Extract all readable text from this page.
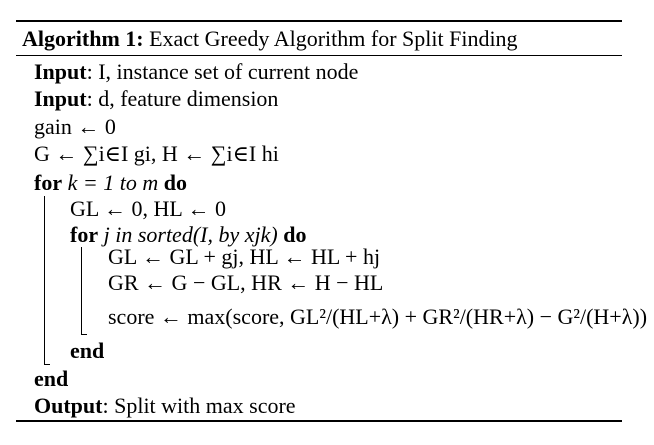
Algorithm 1: Exact Greedy Algorithm for Split Finding
Input: I, instance set of current node
Input: d, feature dimension
gain ← 0
G ← ∑i∈I gi, H ← ∑i∈I hi
for k = 1 to m do
GL ← 0, HL ← 0
for j in sorted(I, by xjk) do
GL ← GL + gj, HL ← HL + hj
GR ← G − GL, HR ← H − HL
score ← max(score, GL²/(HL+λ) + GR²/(HR+λ) − G²/(H+λ))
end
end
Output: Split with max score
